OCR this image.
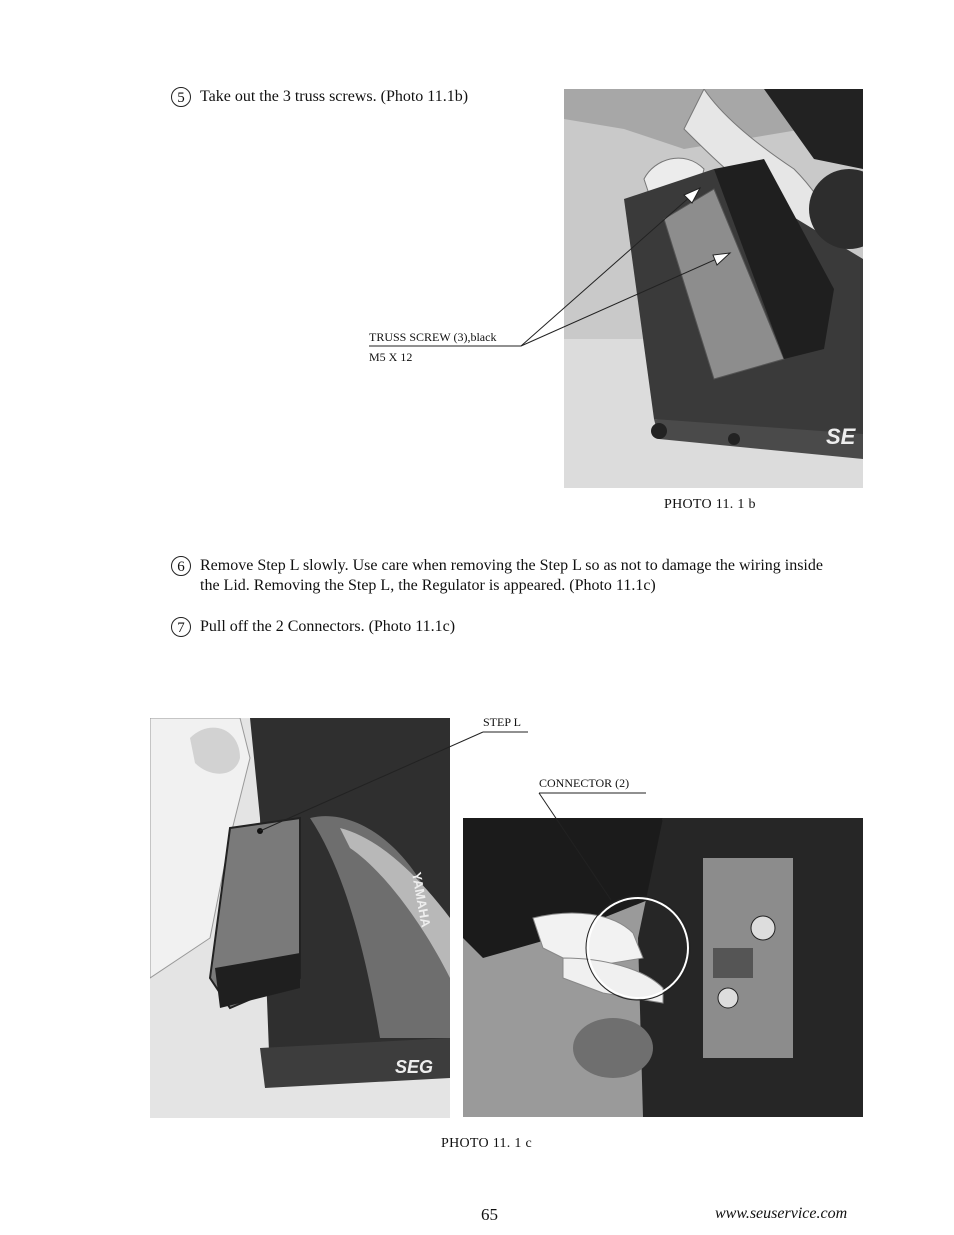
5 Take out the 3 truss screws. (Photo 11.1b)
SE
TRUSS SCREW (3),black
M5 X 12
PHOTO 11. 1 b
6 Remove Step L slowly. Use care when removing the Step L so as not to damage the wiring inside
the Lid. Removing the Step L, the Regulator is appeared. (Photo 11.1c)
7 Pull off the 2 Connectors. (Photo 11.1c)
YAMAHA
SEG
STEP L
CONNECTOR (2)
PHOTO 11. 1 c
65	www.seuservice.com
